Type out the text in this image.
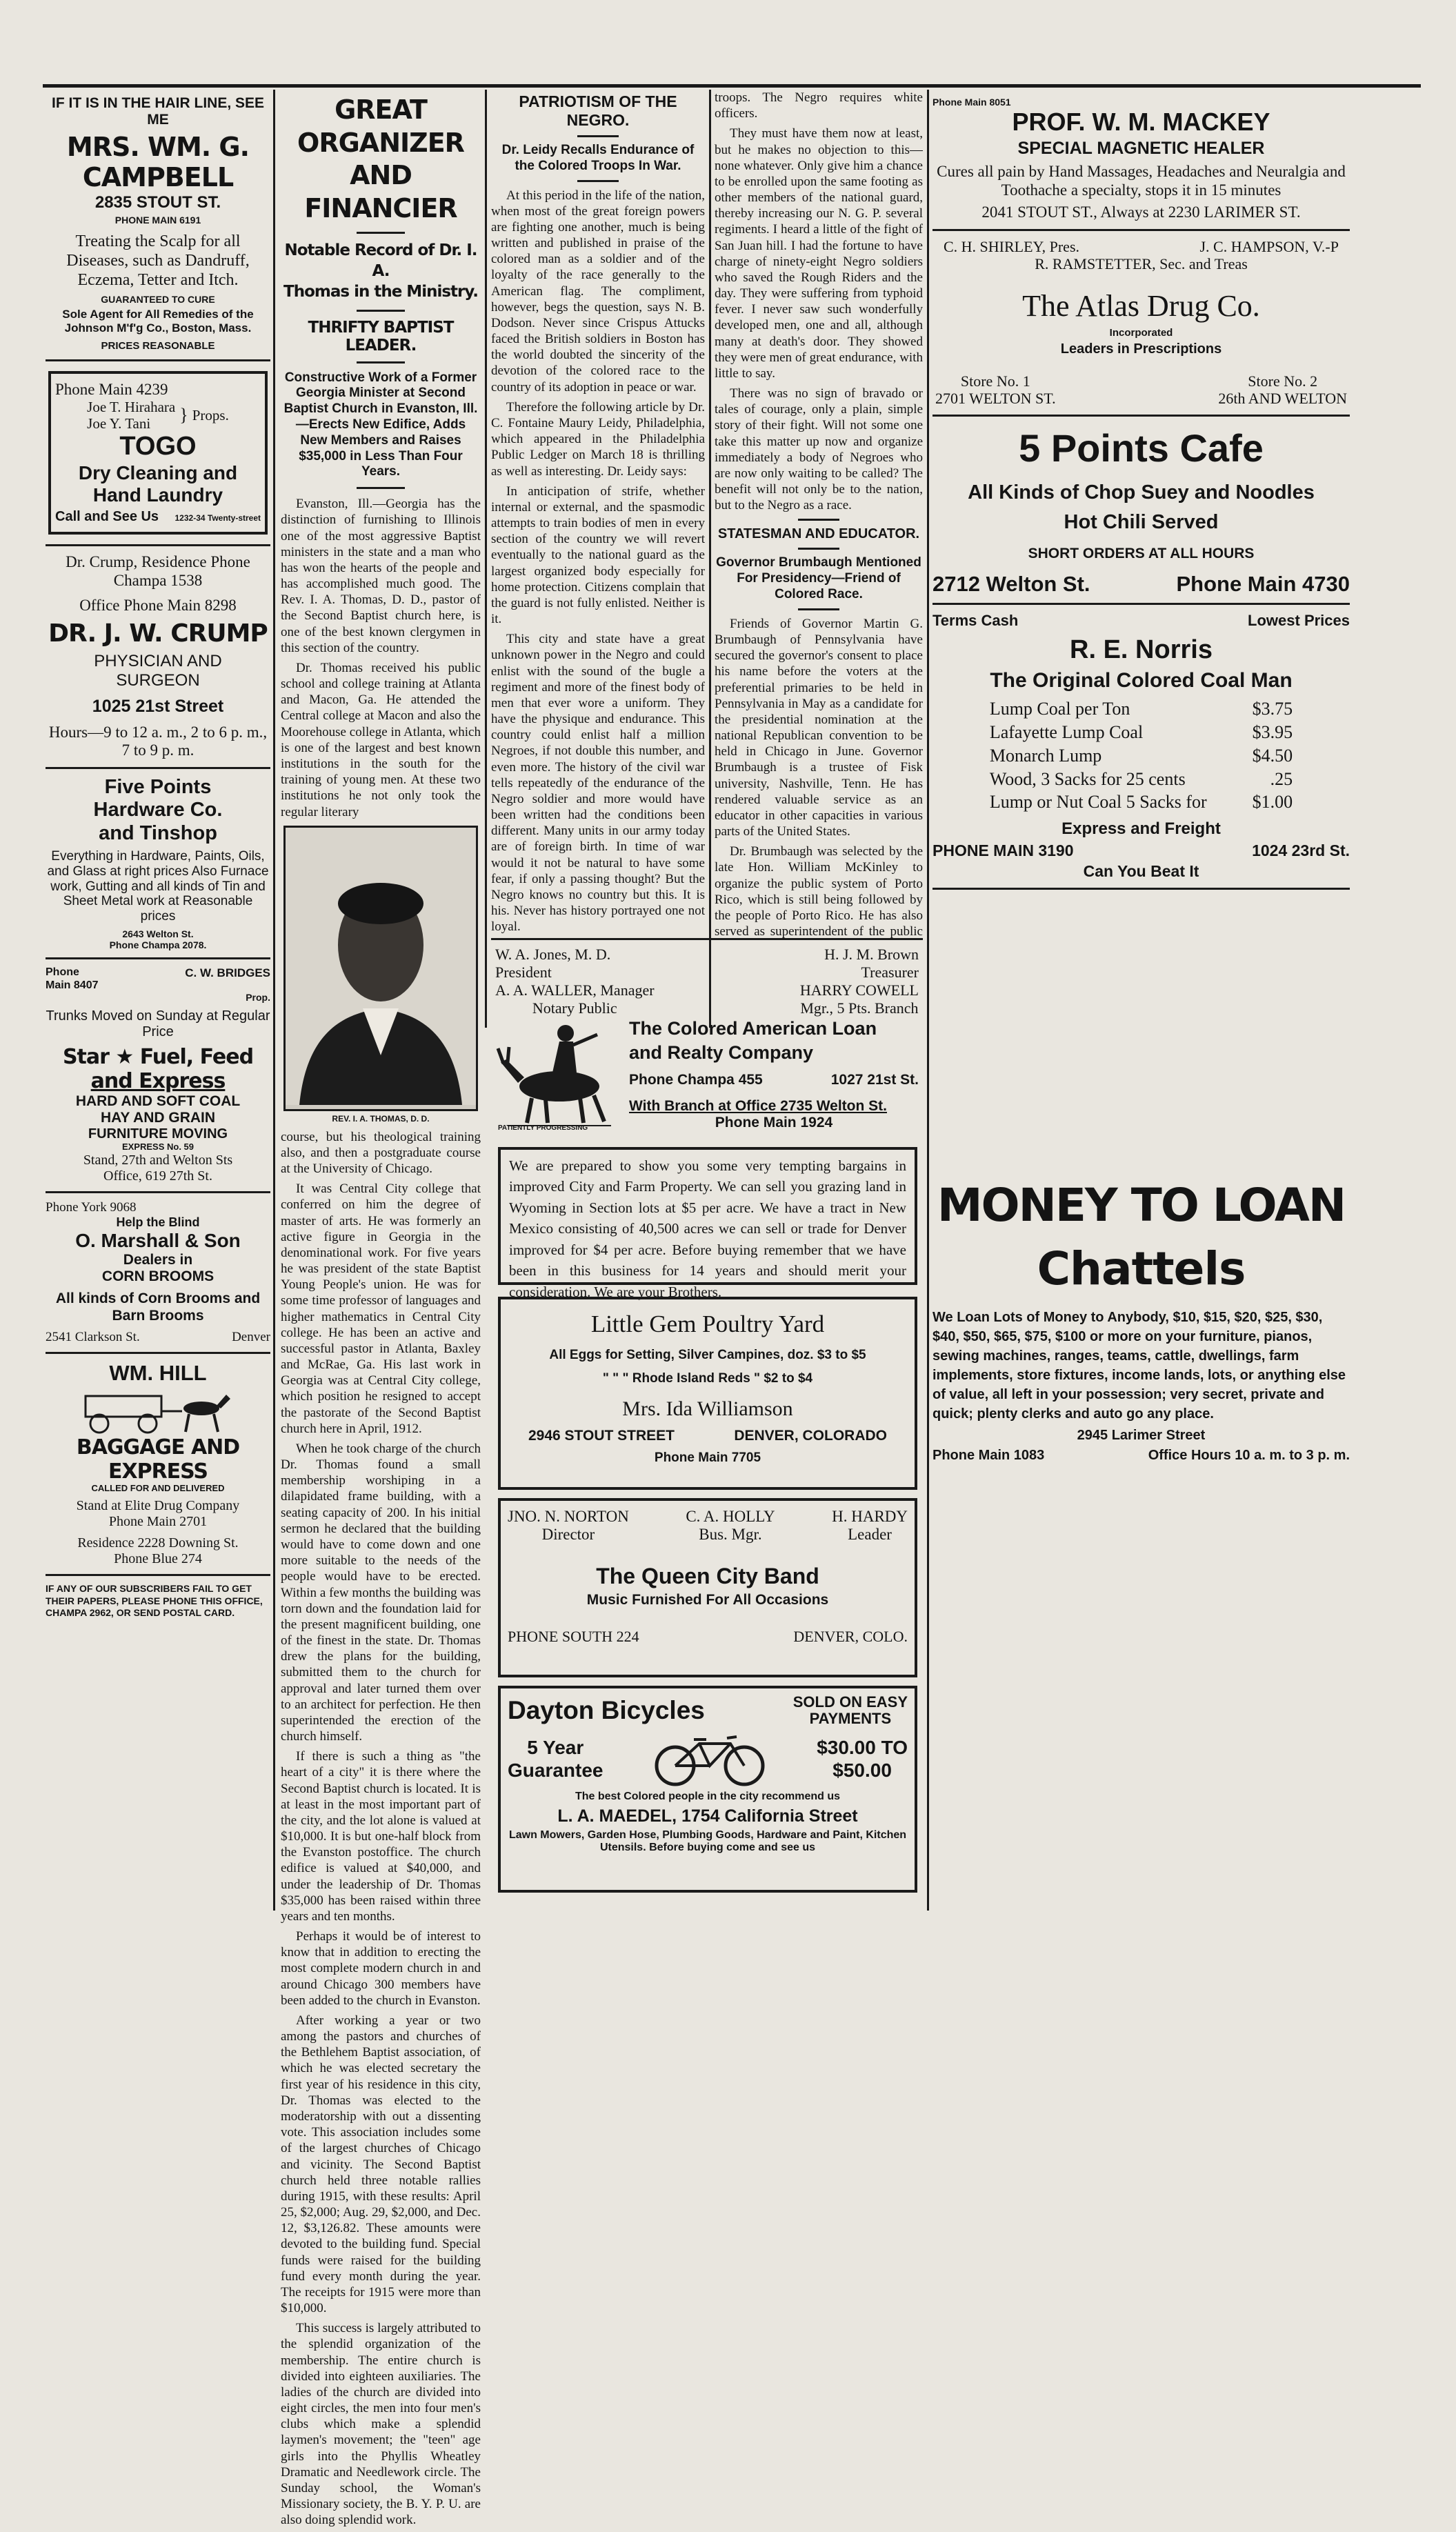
IF IT IS IN THE HAIR LINE, SEE ME
MRS. WM. G. CAMPBELL
2835 STOUT ST.
PHONE MAIN 6191
Treating the Scalp for all Diseases, such as Dandruff, Eczema, Tetter and Itch.
GUARANTEED TO CURE
Sole Agent for All Remedies of the Johnson M'f'g Co., Boston, Mass.
PRICES REASONABLE
Phone Main 4239
Joe T. Hirahara
Joe Y. Tani	} Props.
TOGO
Dry Cleaning and
Hand Laundry
Call and See Us 1232-34 Twenty-street
Dr. Crump, Residence Phone Champa 1538
Office Phone Main 8298
DR. J. W. CRUMP
PHYSICIAN AND
SURGEON
1025 21st Street
Hours—9 to 12 a. m., 2 to 6 p. m., 7 to 9 p. m.
Five Points
Hardware Co.
and Tinshop
Everything in Hardware, Paints, Oils, and Glass at right prices Also Furnace work, Gutting and all kinds of Tin and Sheet Metal work at Reasonable prices
2643 Welton St.
Phone Champa 2078.
Phone Main 8407
C. W. BRIDGES
Prop.
Trunks Moved on Sunday at Regular Price
Star ★ Fuel, Feed
and Express
HARD AND SOFT COAL
HAY AND GRAIN
FURNITURE MOVING
EXPRESS No. 59
Stand, 27th and Welton Sts
Office, 619 27th St.
Phone York 9068
Help the Blind
O. Marshall & Son
Dealers in
CORN BROOMS
All kinds of Corn Brooms and Barn Brooms
2541 Clarkson St.	Denver
WM. HILL
BAGGAGE AND EXPRESS
CALLED FOR AND DELIVERED
Stand at Elite Drug Company
Phone Main 2701
Residence 2228 Downing St.
Phone Blue 274
IF ANY OF OUR SUBSCRIBERS FAIL TO GET THEIR PAPERS, PLEASE PHONE THIS OFFICE, CHAMPA 2962, OR SEND POSTAL CARD.
GREAT ORGANIZER
AND FINANCIER
Notable Record of Dr. I. A.
Thomas in the Ministry.
THRIFTY BAPTIST LEADER.
Constructive Work of a Former Georgia Minister at Second Baptist Church in Evanston, Ill.—Erects New Edifice, Adds New Members and Raises $35,000 in Less Than Four Years.

Evanston, Ill.—Georgia has the distinction of furnishing to Illinois one of the most aggressive Baptist ministers in the state and a man who has won the hearts of the people and has accomplished much good. The Rev. I. A. Thomas, D. D., pastor of the Second Baptist church here, is one of the best known clergymen in this section of the country.

Dr. Thomas received his public school and college training at Atlanta and Macon, Ga. He attended the Central college at Macon and also the Moorehouse college in Atlanta, which is one of the largest and best known institutions in the south for the training of young men. At these two institutions he not only took the regular literary

REV. I. A. THOMAS, D. D.

course, but his theological training also, and then a postgraduate course at the University of Chicago.

It was Central City college that conferred on him the degree of master of arts. He was formerly an active figure in Georgia in the denominational work. For five years he was president of the state Baptist Young People's union. He was for some time professor of languages and higher mathematics in Central City college. He has been an active and successful pastor in Atlanta, Baxley and McRae, Ga. His last work in Georgia was at Central City college, which position he resigned to accept the pastorate of the Second Baptist church here in April, 1912.

When he took charge of the church Dr. Thomas found a small membership worshiping in a dilapidated frame building, with a seating capacity of 200. In his initial sermon he declared that the building would have to come down and one more suitable to the needs of the people would have to be erected. Within a few months the building was torn down and the foundation laid for the present magnificent building, one of the finest in the state. Dr. Thomas drew the plans for the building, submitted them to the church for approval and later turned them over to an architect for perfection. He then superintended the erection of the church himself.

If there is such a thing as "the heart of a city" it is there where the Second Baptist church is located. It is at least in the most important part of the city, and the lot alone is valued at $10,000. It is but one-half block from the Evanston postoffice. The church edifice is valued at $40,000, and under the leadership of Dr. Thomas $35,000 has been raised within three years and ten months.

Perhaps it would be of interest to know that in addition to erecting the most complete modern church in and around Chicago 300 members have been added to the church in Evanston.

After working a year or two among the pastors and churches of the Bethlehem Baptist association, of which he was elected secretary the first year of his residence in this city, Dr. Thomas was elected to the moderatorship with out a dissenting vote. This association includes some of the largest churches of Chicago and vicinity. The Second Baptist church held three notable rallies during 1915, with these results: April 25, $2,000; Aug. 29, $2,000, and Dec. 12, $3,126.82. These amounts were devoted to the building fund. Special funds were raised for the building fund every month during the year. The receipts for 1915 were more than $10,000.

This success is largely attributed to the splendid organization of the membership. The entire church is divided into eighteen auxiliaries. The ladies of the church are divided into eight circles, the men into four men's clubs which make a splendid laymen's movement; the "teen" age girls into the Phyllis Wheatley Dramatic and Needlework circle. The Sunday school, the Woman's Missionary society, the B. Y. P. U. are also doing splendid work.

PATRIOTISM OF THE NEGRO.
Dr. Leidy Recalls Endurance of the Colored Troops In War.

At this period in the life of the nation, when most of the great foreign powers are fighting one another, much is being written and published in praise of the colored man as a soldier and of the loyalty of the race generally to the American flag. The compliment, however, begs the question, says N. B. Dodson. Never since Crispus Attucks faced the British soldiers in Boston has the world doubted the sincerity of the devotion of the colored race to the country of its adoption in peace or war.

Therefore the following article by Dr. C. Fontaine Maury Leidy, Philadelphia, which appeared in the Philadelphia Public Ledger on March 18 is thrilling as well as interesting. Dr. Leidy says:

In anticipation of strife, whether internal or external, and the spasmodic attempts to train bodies of men in every section of the country we will revert eventually to the national guard as the largest organized body especially for home protection. Citizens complain that the guard is not fully enlisted. Neither is it.

This city and state have a great unknown power in the Negro and could enlist with the sound of the bugle a regiment and more of the finest body of men that ever wore a uniform. They have the physique and endurance. This country could enlist half a million Negroes, if not double this number, and even more. The history of the civil war tells repeatedly of the endurance of the Negro soldier and more would have been written had the conditions been different. Many units in our army today are of foreign birth. In time of war would it not be natural to have some fear, if only a passing thought? But the Negro knows no country but this. It is his. Never has history portrayed one not loyal.

troops. The Negro requires white officers.

They must have them now at least, but he makes no objection to this—none whatever. Only give him a chance to be enrolled upon the same footing as other members of the national guard, thereby increasing our N. G. P. several regiments. I heard a little of the fight of San Juan hill. I had the fortune to have charge of ninety-eight Negro soldiers who saved the Rough Riders and the day. They were suffering from typhoid fever. I never saw such wonderfully developed men, one and all, although many at death's door. They showed they were men of great endurance, with little to say.

There was no sign of bravado or tales of courage, only a plain, simple story of their fight. Will not some one take this matter up now and organize immediately a body of Negroes who are now only waiting to be called? The benefit will not only be to the nation, but to the Negro as a race.

STATESMAN AND EDUCATOR.
Governor Brumbaugh Mentioned For Presidency—Friend of Colored Race.

Friends of Governor Martin G. Brumbaugh of Pennsylvania have secured the governor's consent to place his name before the voters at the preferential primaries to be held in Pennsylvania in May as a candidate for the presidential nomination at the national Republican convention to be held in Chicago in June. Governor Brumbaugh is a trustee of Fisk university, Nashville, Tenn. He has rendered valuable service as an educator in other capacities in various parts of the United States.

Dr. Brumbaugh was selected by the late Hon. William McKinley to organize the public system of Porto Rico, which is still being followed by the people of Porto Rico. He has also served as superintendent of the public

W. A. Jones, M. D.
President
H. J. M. Brown
Treasurer
A. A. WALLER, Manager
Notary Public
HARRY COWELL
Mgr., 5 Pts. Branch
PATIENTLY PROGRESSING
The Colored American Loan
and Realty Company
Phone Champa 455	1027 21st St.
With Branch at Office 2735 Welton St.
Phone Main 1924
We are prepared to show you some very tempting bargains in improved City and Farm Property. We can sell you grazing land in Wyoming in Section lots at $5 per acre. We have a tract in New Mexico consisting of 40,500 acres we can sell or trade for Denver improved for $4 per acre. Before buying remember that we have been in this business for 14 years and should merit your consideration. We are your Brothers.
Little Gem Poultry Yard
All Eggs for Setting, Silver Campines, doz. $3 to $5
" " " Rhode Island Reds " $2 to $4
Mrs. Ida Williamson
2946 STOUT STREET	DENVER, COLORADO
Phone Main 7705
JNO. N. NORTON
Director
C. A. HOLLY
Bus. Mgr.
H. HARDY
Leader
The Queen City Band
Music Furnished For All Occasions
PHONE SOUTH 224	DENVER, COLO.
Dayton Bicycles	SOLD ON EASY
PAYMENTS
5 Year
Guarantee
$30.00 TO
$50.00
The best Colored people in the city recommend us
L. A. MAEDEL, 1754 California Street
Lawn Mowers, Garden Hose, Plumbing Goods, Hardware and Paint, Kitchen Utensils. Before buying come and see us
Phone Main 8051
PROF. W. M. MACKEY
SPECIAL MAGNETIC HEALER
Cures all pain by Hand Massages, Headaches and Neuralgia and Toothache a specialty, stops it in 15 minutes
2041 STOUT ST., Always at 2230 LARIMER ST.
C. H. SHIRLEY, Pres.	J. C. HAMPSON, V.-P
R. RAMSTETTER, Sec. and Treas
The Atlas Drug Co.
Incorporated
Leaders in Prescriptions
Store No. 1
2701 WELTON ST.
Store No. 2
26th AND WELTON
5 Points Cafe
All Kinds of Chop Suey and Noodles
Hot Chili Served
SHORT ORDERS AT ALL HOURS
2712 Welton St.	Phone Main 4730
Terms Cash	Lowest Prices
R. E. Norris
The Original Colored Coal Man
Lump Coal per Ton	$3.75
Lafayette Lump Coal	$3.95
Monarch Lump	$4.50
Wood, 3 Sacks for 25 cents	.25
Lump or Nut Coal 5 Sacks for	$1.00
Express and Freight
PHONE MAIN 3190	1024 23rd St.
Can You Beat It
MONEY TO LOAN
Chattels
We Loan Lots of Money to Anybody, $10, $15, $20, $25, $30, $40, $50, $65, $75, $100 or more on your furniture, pianos, sewing machines, ranges, teams, cattle, dwellings, farm implements, store fixtures, income lands, lots, or anything else of value, all left in your possession; very secret, private and quick; plenty clerks and auto go any place.
2945 Larimer Street
Phone Main 1083	Office Hours 10 a. m. to 3 p. m.
